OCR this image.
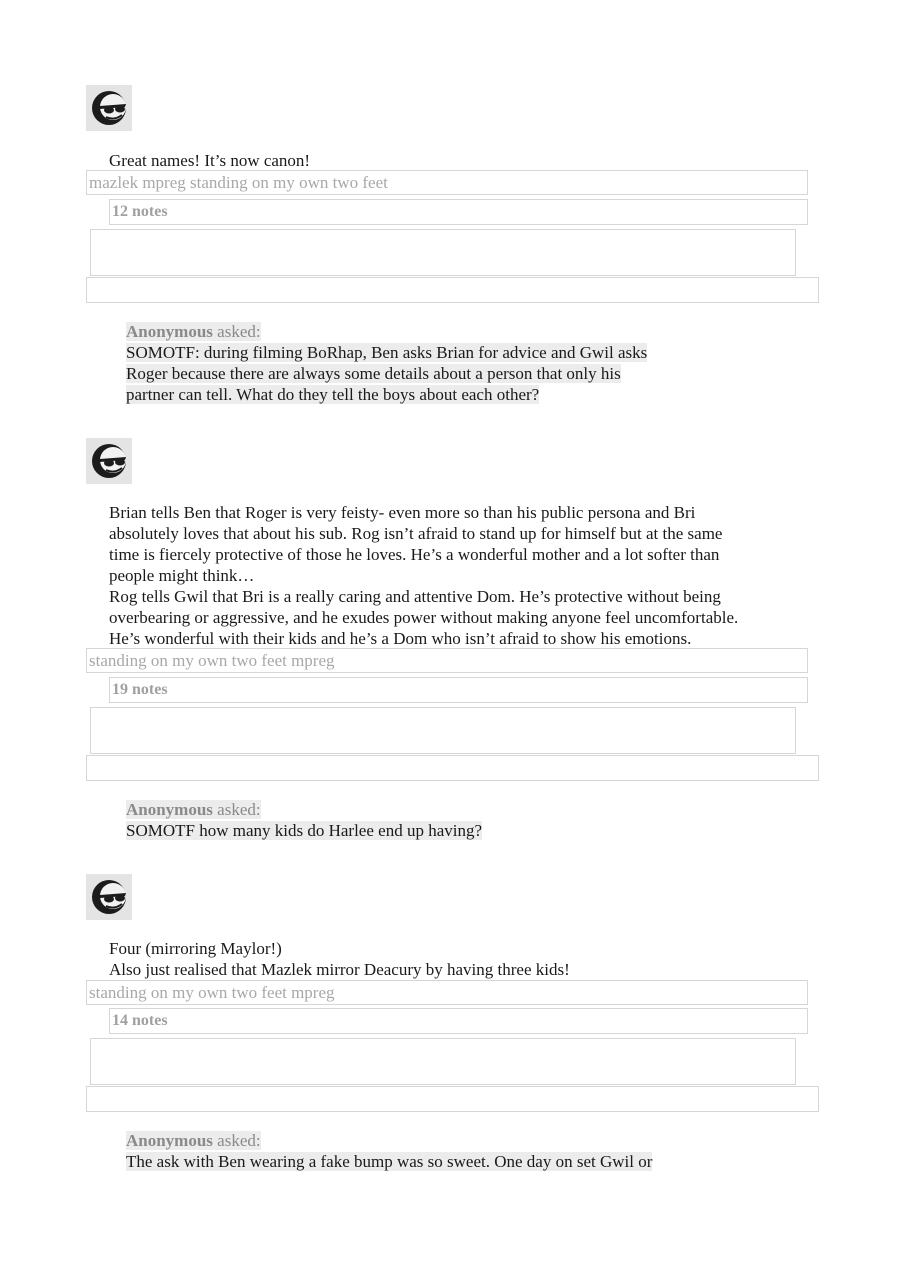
Great names! It’s now canon!

mazlek mpreg standing on my own two feet
12 notes
Anonymous asked:
SOMOTF: during filming BoRhap, Ben asks Brian for advice and Gwil asks
Roger because there are always some details about a person that only his
partner can tell. What do they tell the boys about each other?

Brian tells Ben that Roger is very feisty- even more so than his public persona and Bri

absolutely loves that about his sub. Rog isn’t afraid to stand up for himself but at the same

time is fiercely protective of those he loves. He’s a wonderful mother and a lot softer than

people might think…

Rog tells Gwil that Bri is a really caring and attentive Dom. He’s protective without being

overbearing or aggressive, and he exudes power without making anyone feel uncomfortable.

He’s wonderful with their kids and he’s a Dom who isn’t afraid to show his emotions.

standing on my own two feet mpreg
19 notes
Anonymous asked:
SOMOTF how many kids do Harlee end up having?

Four (mirroring Maylor!)

Also just realised that Mazlek mirror Deacury by having three kids!

standing on my own two feet mpreg
14 notes
Anonymous asked:
The ask with Ben wearing a fake bump was so sweet. One day on set Gwil or
